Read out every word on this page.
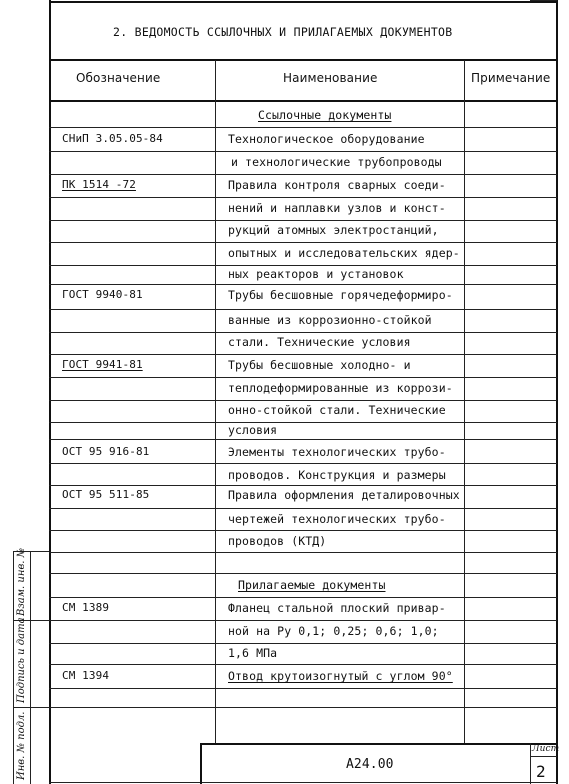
2. ВЕДОМОСТЬ ССЫЛОЧНЫХ И ПРИЛАГАЕМЫХ ДОКУМЕНТОВ
Обозначение	Наименование	Примечание
Ссылочные документы
Прилагаемые документы
СНиП 3.05.05-84
ПК 1514 -72
ГОСТ 9940-81
ГОСТ 9941-81
ОСТ 95 916-81
ОСТ 95 511-85
СМ 1389
СМ 1394
Технологическое оборудование
и технологические трубопроводы
Правила контроля сварных соеди-
нений и наплавки узлов и конст-
рукций атомных электростанций,
опытных и исследовательских ядер-
ных реакторов и установок
Трубы бесшовные горячедеформиро-
ванные из коррозионно-стойкой
стали. Технические условия
Трубы бесшовные холодно- и
теплодеформированные из коррози-
онно-стойкой стали. Технические
условия
Элементы технологических трубо-
проводов. Конструкция и размеры
Правила оформления деталировочных
чертежей технологических трубо-
проводов (КТД)
Фланец стальной плоский привар-
ной на Ру 0,1; 0,25; 0,6; 1,0;
1,6 МПа
Отвод крутоизогнутый с углом 90°
А24.00
Лист
2
Взам. инв. №
Подпись и дата
Инв. № подл.
